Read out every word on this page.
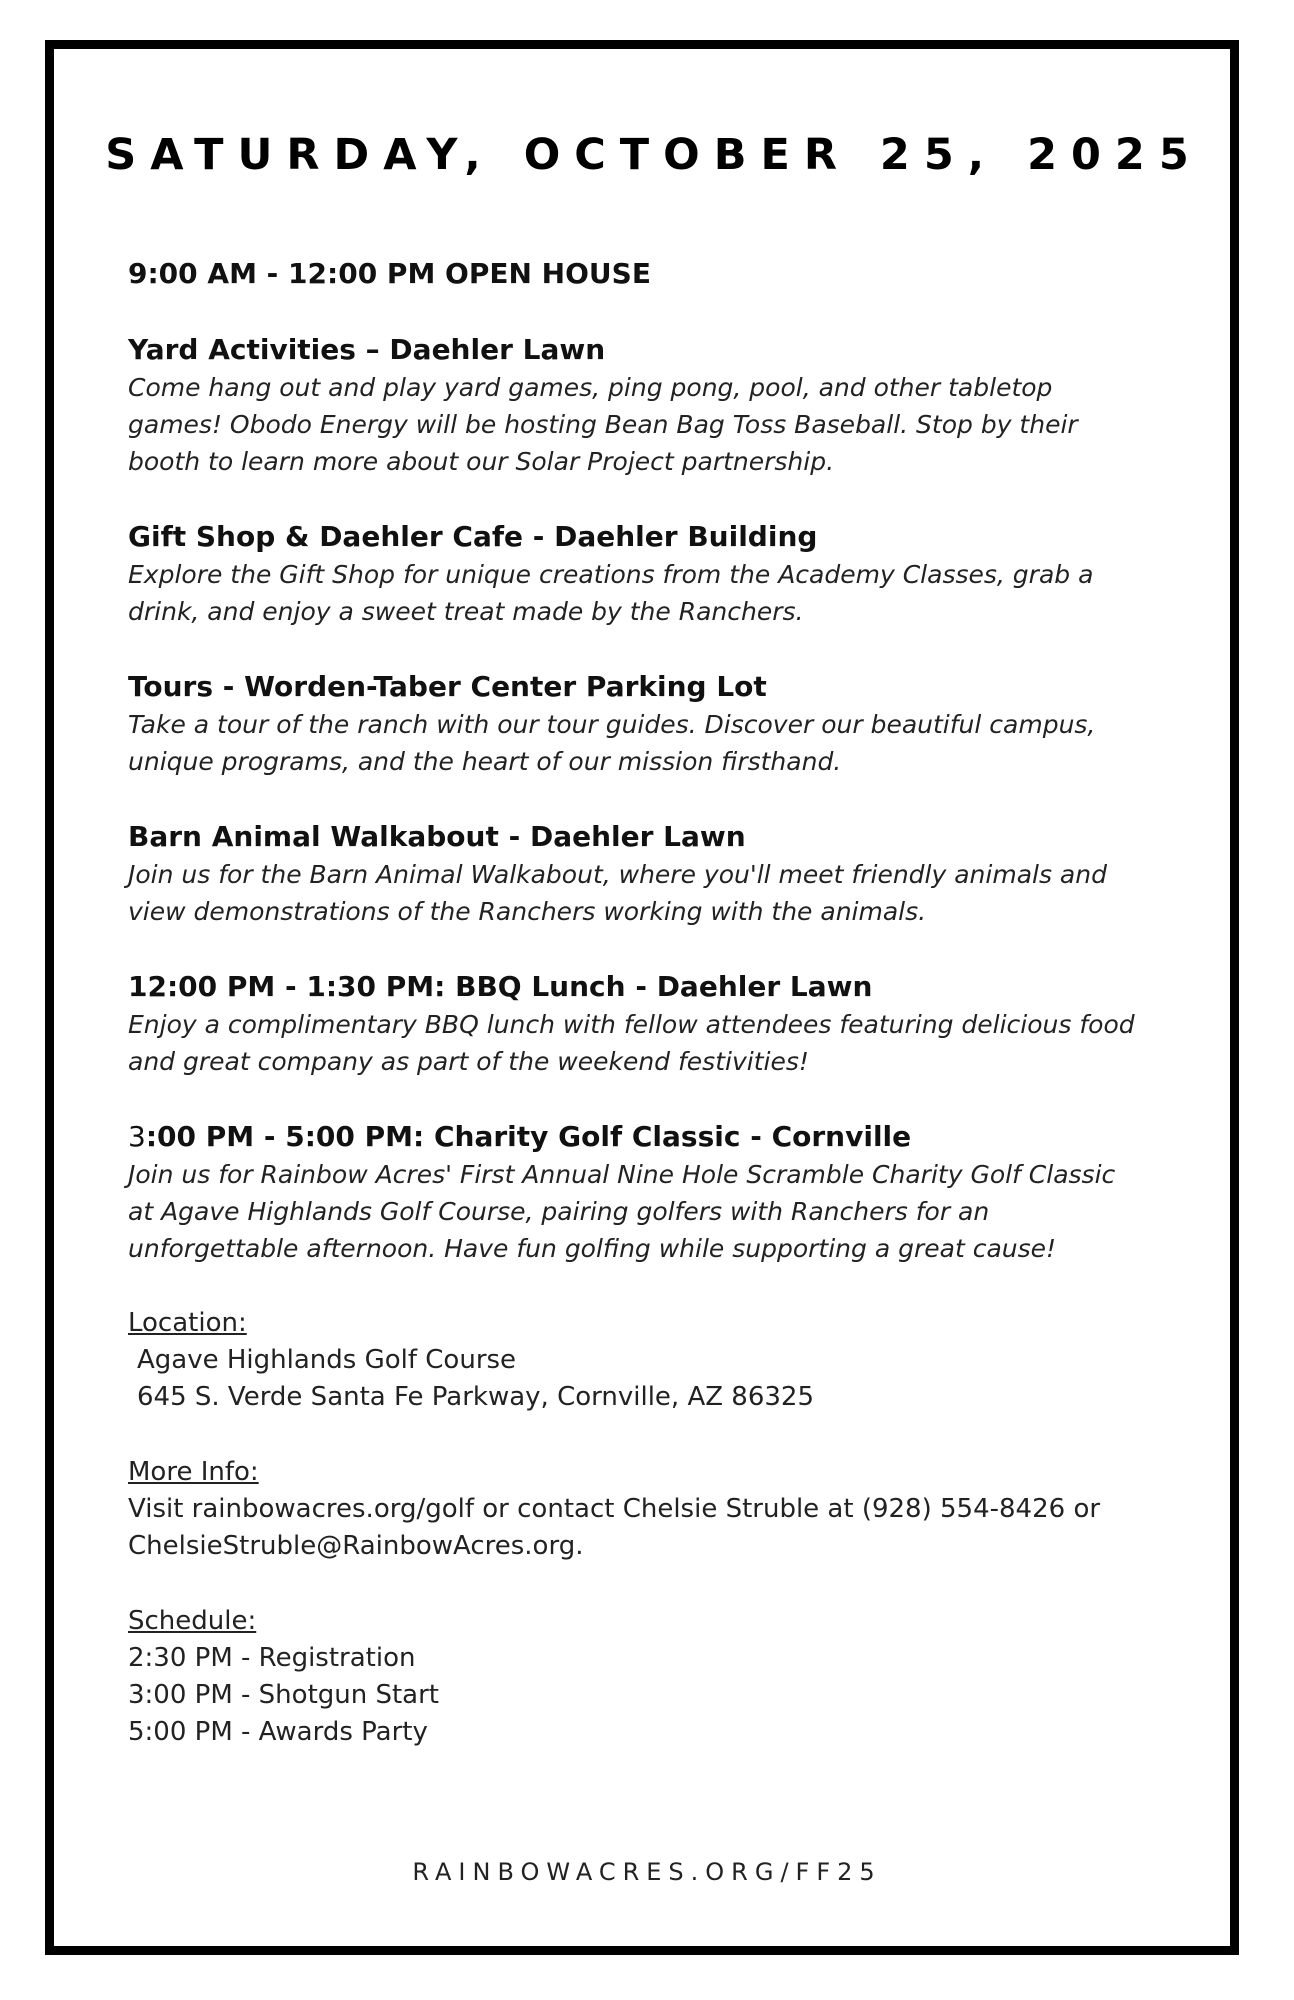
SATURDAY, OCTOBER 25, 2025
9:00 AM - 12:00 PM OPEN HOUSE
Yard Activities – Daehler Lawn
Come hang out and play yard games, ping pong, pool, and other tabletop games! Obodo Energy will be hosting Bean Bag Toss Baseball. Stop by their booth to learn more about our Solar Project partnership.
Gift Shop & Daehler Cafe - Daehler Building
Explore the Gift Shop for unique creations from the Academy Classes, grab a drink, and enjoy a sweet treat made by the Ranchers.
Tours - Worden-Taber Center Parking Lot
Take a tour of the ranch with our tour guides. Discover our beautiful campus, unique programs, and the heart of our mission firsthand.
Barn Animal Walkabout - Daehler Lawn
Join us for the Barn Animal Walkabout, where you'll meet friendly animals and view demonstrations of the Ranchers working with the animals.
12:00 PM - 1:30 PM: BBQ Lunch - Daehler Lawn
Enjoy a complimentary BBQ lunch with fellow attendees featuring delicious food and great company as part of the weekend festivities!
3:00 PM - 5:00 PM: Charity Golf Classic - Cornville
Join us for Rainbow Acres' First Annual Nine Hole Scramble Charity Golf Classic at Agave Highlands Golf Course, pairing golfers with Ranchers for an unforgettable afternoon. Have fun golfing while supporting a great cause!
Location:
Agave Highlands Golf Course
645 S. Verde Santa Fe Parkway, Cornville, AZ 86325
More Info:
Visit rainbowacres.org/golf or contact Chelsie Struble at (928) 554-8426 or ChelsieStruble@RainbowAcres.org.
Schedule:
2:30 PM - Registration
3:00 PM - Shotgun Start
5:00 PM - Awards Party
RAINBOWACRES.ORG/FF25
